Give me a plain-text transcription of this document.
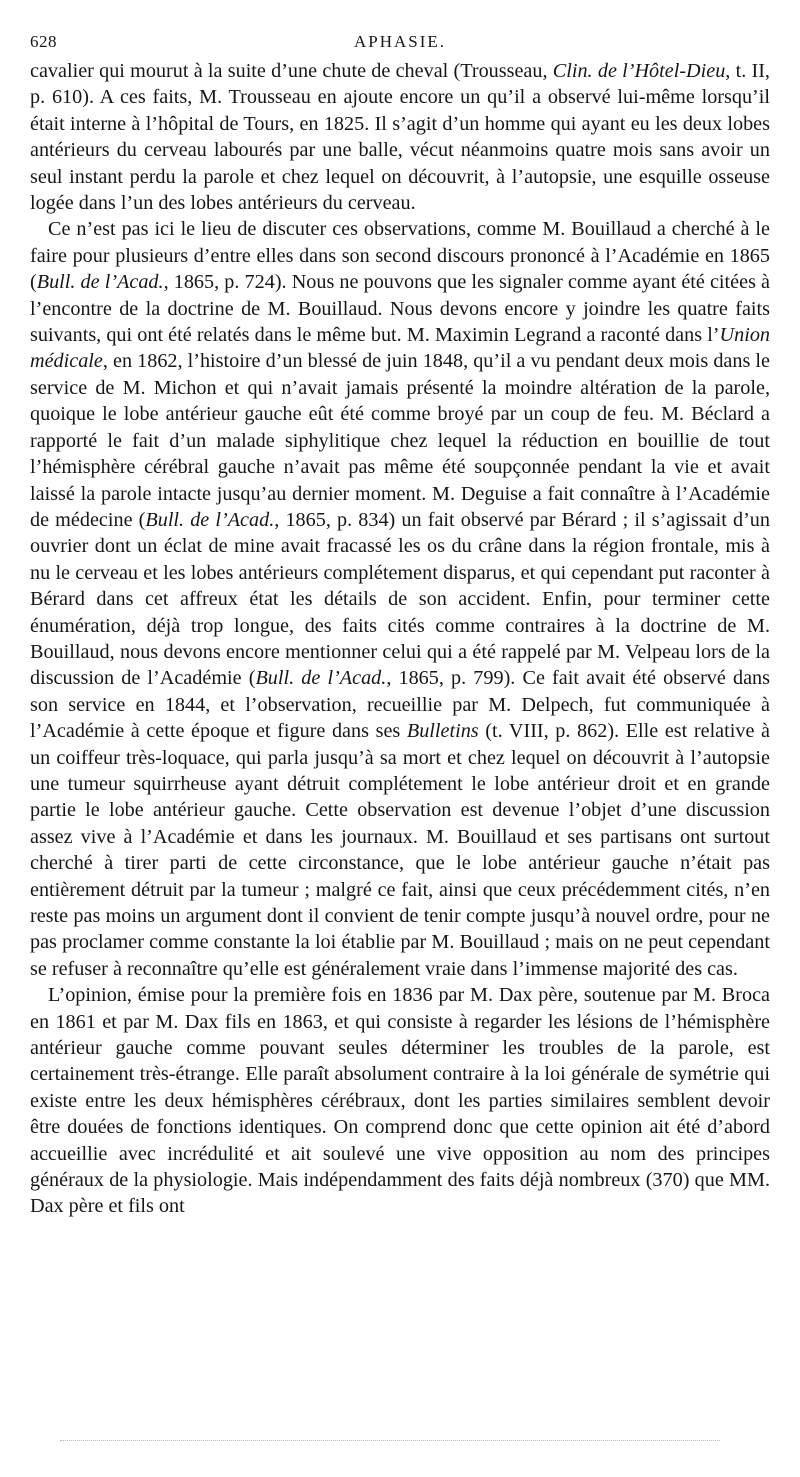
628	APHASIE.

cavalier qui mourut à la suite d’une chute de cheval (Trousseau, Clin. de l’Hôtel-Dieu, t. II, p. 610). A ces faits, M. Trousseau en ajoute encore un qu’il a observé lui-même lorsqu’il était interne à l’hôpital de Tours, en 1825. Il s’agit d’un homme qui ayant eu les deux lobes antérieurs du cerveau labourés par une balle, vécut néanmoins quatre mois sans avoir un seul instant perdu la parole et chez lequel on découvrit, à l’autopsie, une esquille osseuse logée dans l’un des lobes antérieurs du cerveau.

Ce n’est pas ici le lieu de discuter ces observations, comme M. Bouillaud a cherché à le faire pour plusieurs d’entre elles dans son second discours prononcé à l’Académie en 1865 (Bull. de l’Acad., 1865, p. 724). Nous ne pouvons que les signaler comme ayant été citées à l’encontre de la doctrine de M. Bouillaud. Nous devons encore y joindre les quatre faits suivants, qui ont été relatés dans le même but. M. Maximin Legrand a raconté dans l’Union médicale, en 1862, l’histoire d’un blessé de juin 1848, qu’il a vu pendant deux mois dans le service de M. Michon et qui n’avait jamais présenté la moindre altération de la parole, quoique le lobe antérieur gauche eût été comme broyé par un coup de feu. M. Béclard a rapporté le fait d’un malade siphylitique chez lequel la réduction en bouillie de tout l’hémisphère cérébral gauche n’avait pas même été soupçonnée pendant la vie et avait laissé la parole intacte jusqu’au dernier moment. M. Deguise a fait connaître à l’Académie de médecine (Bull. de l’Acad., 1865, p. 834) un fait observé par Bérard ; il s’agissait d’un ouvrier dont un éclat de mine avait fracassé les os du crâne dans la région frontale, mis à nu le cerveau et les lobes antérieurs complétement disparus, et qui cependant put raconter à Bérard dans cet affreux état les détails de son accident. Enfin, pour terminer cette énumération, déjà trop longue, des faits cités comme contraires à la doctrine de M. Bouillaud, nous devons encore mentionner celui qui a été rappelé par M. Velpeau lors de la discussion de l’Académie (Bull. de l’Acad., 1865, p. 799). Ce fait avait été observé dans son service en 1844, et l’observation, recueillie par M. Delpech, fut communiquée à l’Académie à cette époque et figure dans ses Bulletins (t. VIII, p. 862). Elle est relative à un coiffeur très-loquace, qui parla jusqu’à sa mort et chez lequel on découvrit à l’autopsie une tumeur squirrheuse ayant détruit complétement le lobe antérieur droit et en grande partie le lobe antérieur gauche. Cette observation est devenue l’objet d’une discussion assez vive à l’Académie et dans les journaux. M. Bouillaud et ses partisans ont surtout cherché à tirer parti de cette circonstance, que le lobe antérieur gauche n’était pas entièrement détruit par la tumeur ; malgré ce fait, ainsi que ceux précédemment cités, n’en reste pas moins un argument dont il convient de tenir compte jusqu’à nouvel ordre, pour ne pas proclamer comme constante la loi établie par M. Bouillaud ; mais on ne peut cependant se refuser à reconnaître qu’elle est généralement vraie dans l’immense majorité des cas.

L’opinion, émise pour la première fois en 1836 par M. Dax père, soutenue par M. Broca en 1861 et par M. Dax fils en 1863, et qui consiste à regarder les lésions de l’hémisphère antérieur gauche comme pouvant seules déterminer les troubles de la parole, est certainement très-étrange. Elle paraît absolument contraire à la loi générale de symétrie qui existe entre les deux hémisphères cérébraux, dont les parties similaires semblent devoir être douées de fonctions identiques. On comprend donc que cette opinion ait été d’abord accueillie avec incrédulité et ait soulevé une vive opposition au nom des principes généraux de la physiologie. Mais indépendamment des faits déjà nombreux (370) que MM. Dax père et fils ont
